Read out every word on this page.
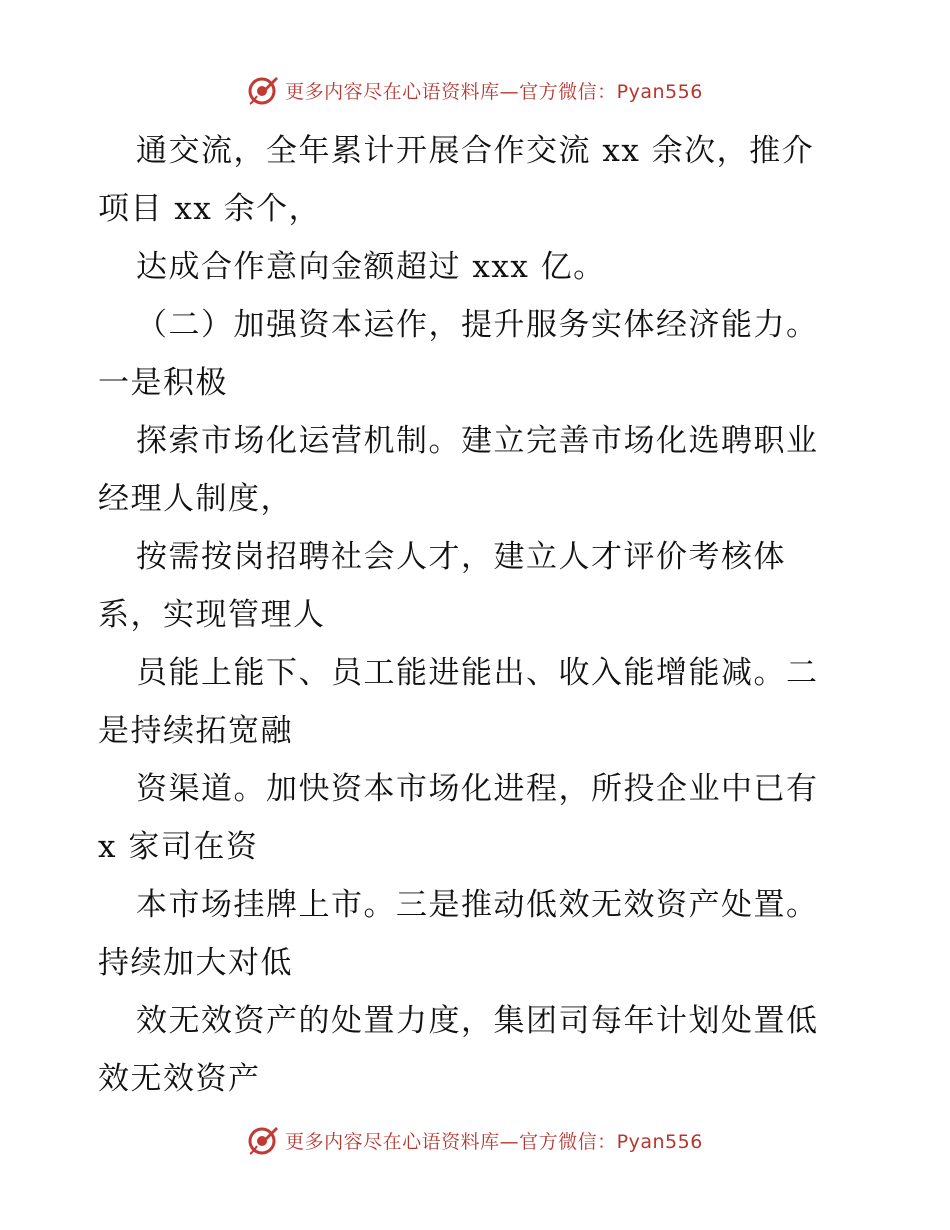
更多内容尽在心语资料库—官方微信：Pyan556
通交流，全年累计开展合作交流 xx 余次，推介
项目 xx 余个，
达成合作意向金额超过 xxx 亿。
（二）加强资本运作，提升服务实体经济能力。
一是积极
探索市场化运营机制。建立完善市场化选聘职业
经理人制度，
按需按岗招聘社会人才，建立人才评价考核体
系，实现管理人
员能上能下、员工能进能出、收入能增能减。二
是持续拓宽融
资渠道。加快资本市场化进程，所投企业中已有
x 家司在资
本市场挂牌上市。三是推动低效无效资产处置。
持续加大对低
效无效资产的处置力度，集团司每年计划处置低
效无效资产
更多内容尽在心语资料库—官方微信：Pyan556
